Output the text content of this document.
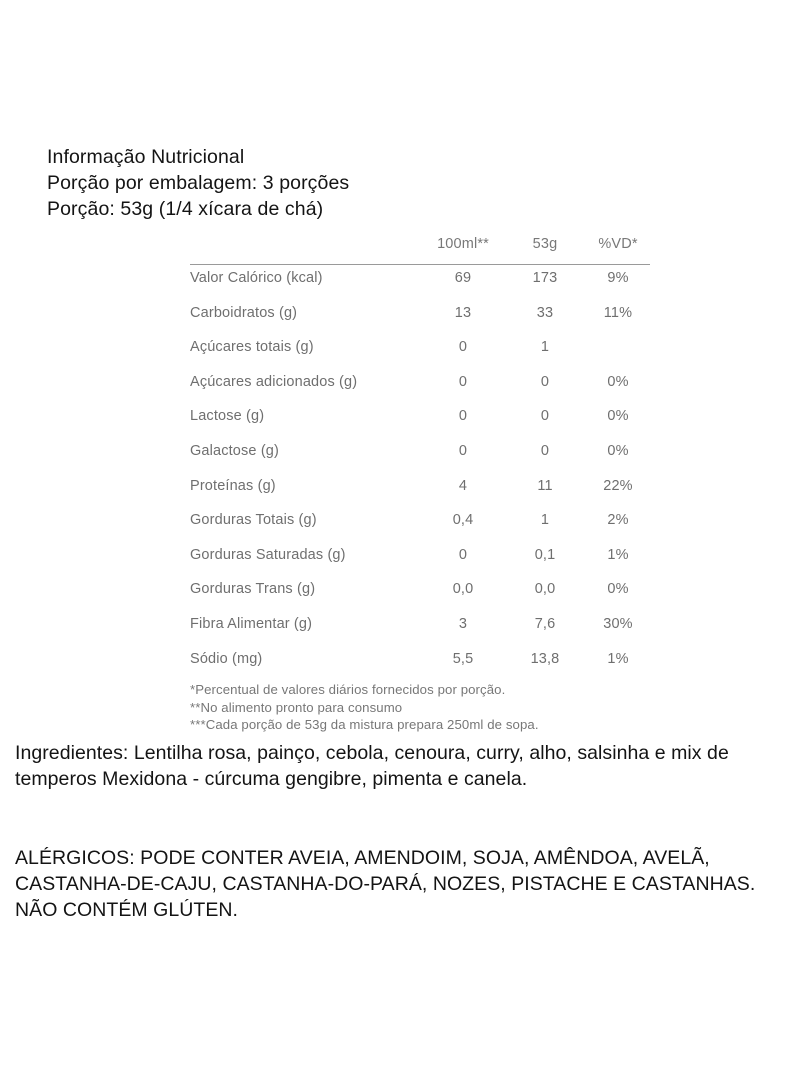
Informação Nutricional
Porção por embalagem: 3 porções
Porção: 53g (1/4 xícara de chá)
100ml**	53g	%VD*
Valor Calórico (kcal)	69	173	9%
Carboidratos (g)	13	33	11%
Açúcares totais (g)	0	1
Açúcares adicionados (g)	0	0	0%
Lactose (g)	0	0	0%
Galactose (g)	0	0	0%
Proteínas (g)	4	11	22%
Gorduras Totais (g)	0,4	1	2%
Gorduras Saturadas (g)	0	0,1	1%
Gorduras Trans (g)	0,0	0,0	0%
Fibra Alimentar (g)	3	7,6	30%
Sódio (mg)	5,5	13,8	1%
*Percentual de valores diários fornecidos por porção.
**No alimento pronto para consumo
***Cada porção de 53g da mistura prepara 250ml de sopa.

Ingredientes: Lentilha rosa, painço, cebola, cenoura, curry, alho, salsinha e mix de temperos Mexidona - cúrcuma gengibre, pimenta e canela.

ALÉRGICOS: PODE CONTER AVEIA, AMENDOIM, SOJA, AMÊNDOA, AVELÃ, CASTANHA-DE-CAJU, CASTANHA-DO-PARÁ, NOZES, PISTACHE E CASTANHAS. NÃO CONTÉM GLÚTEN.
